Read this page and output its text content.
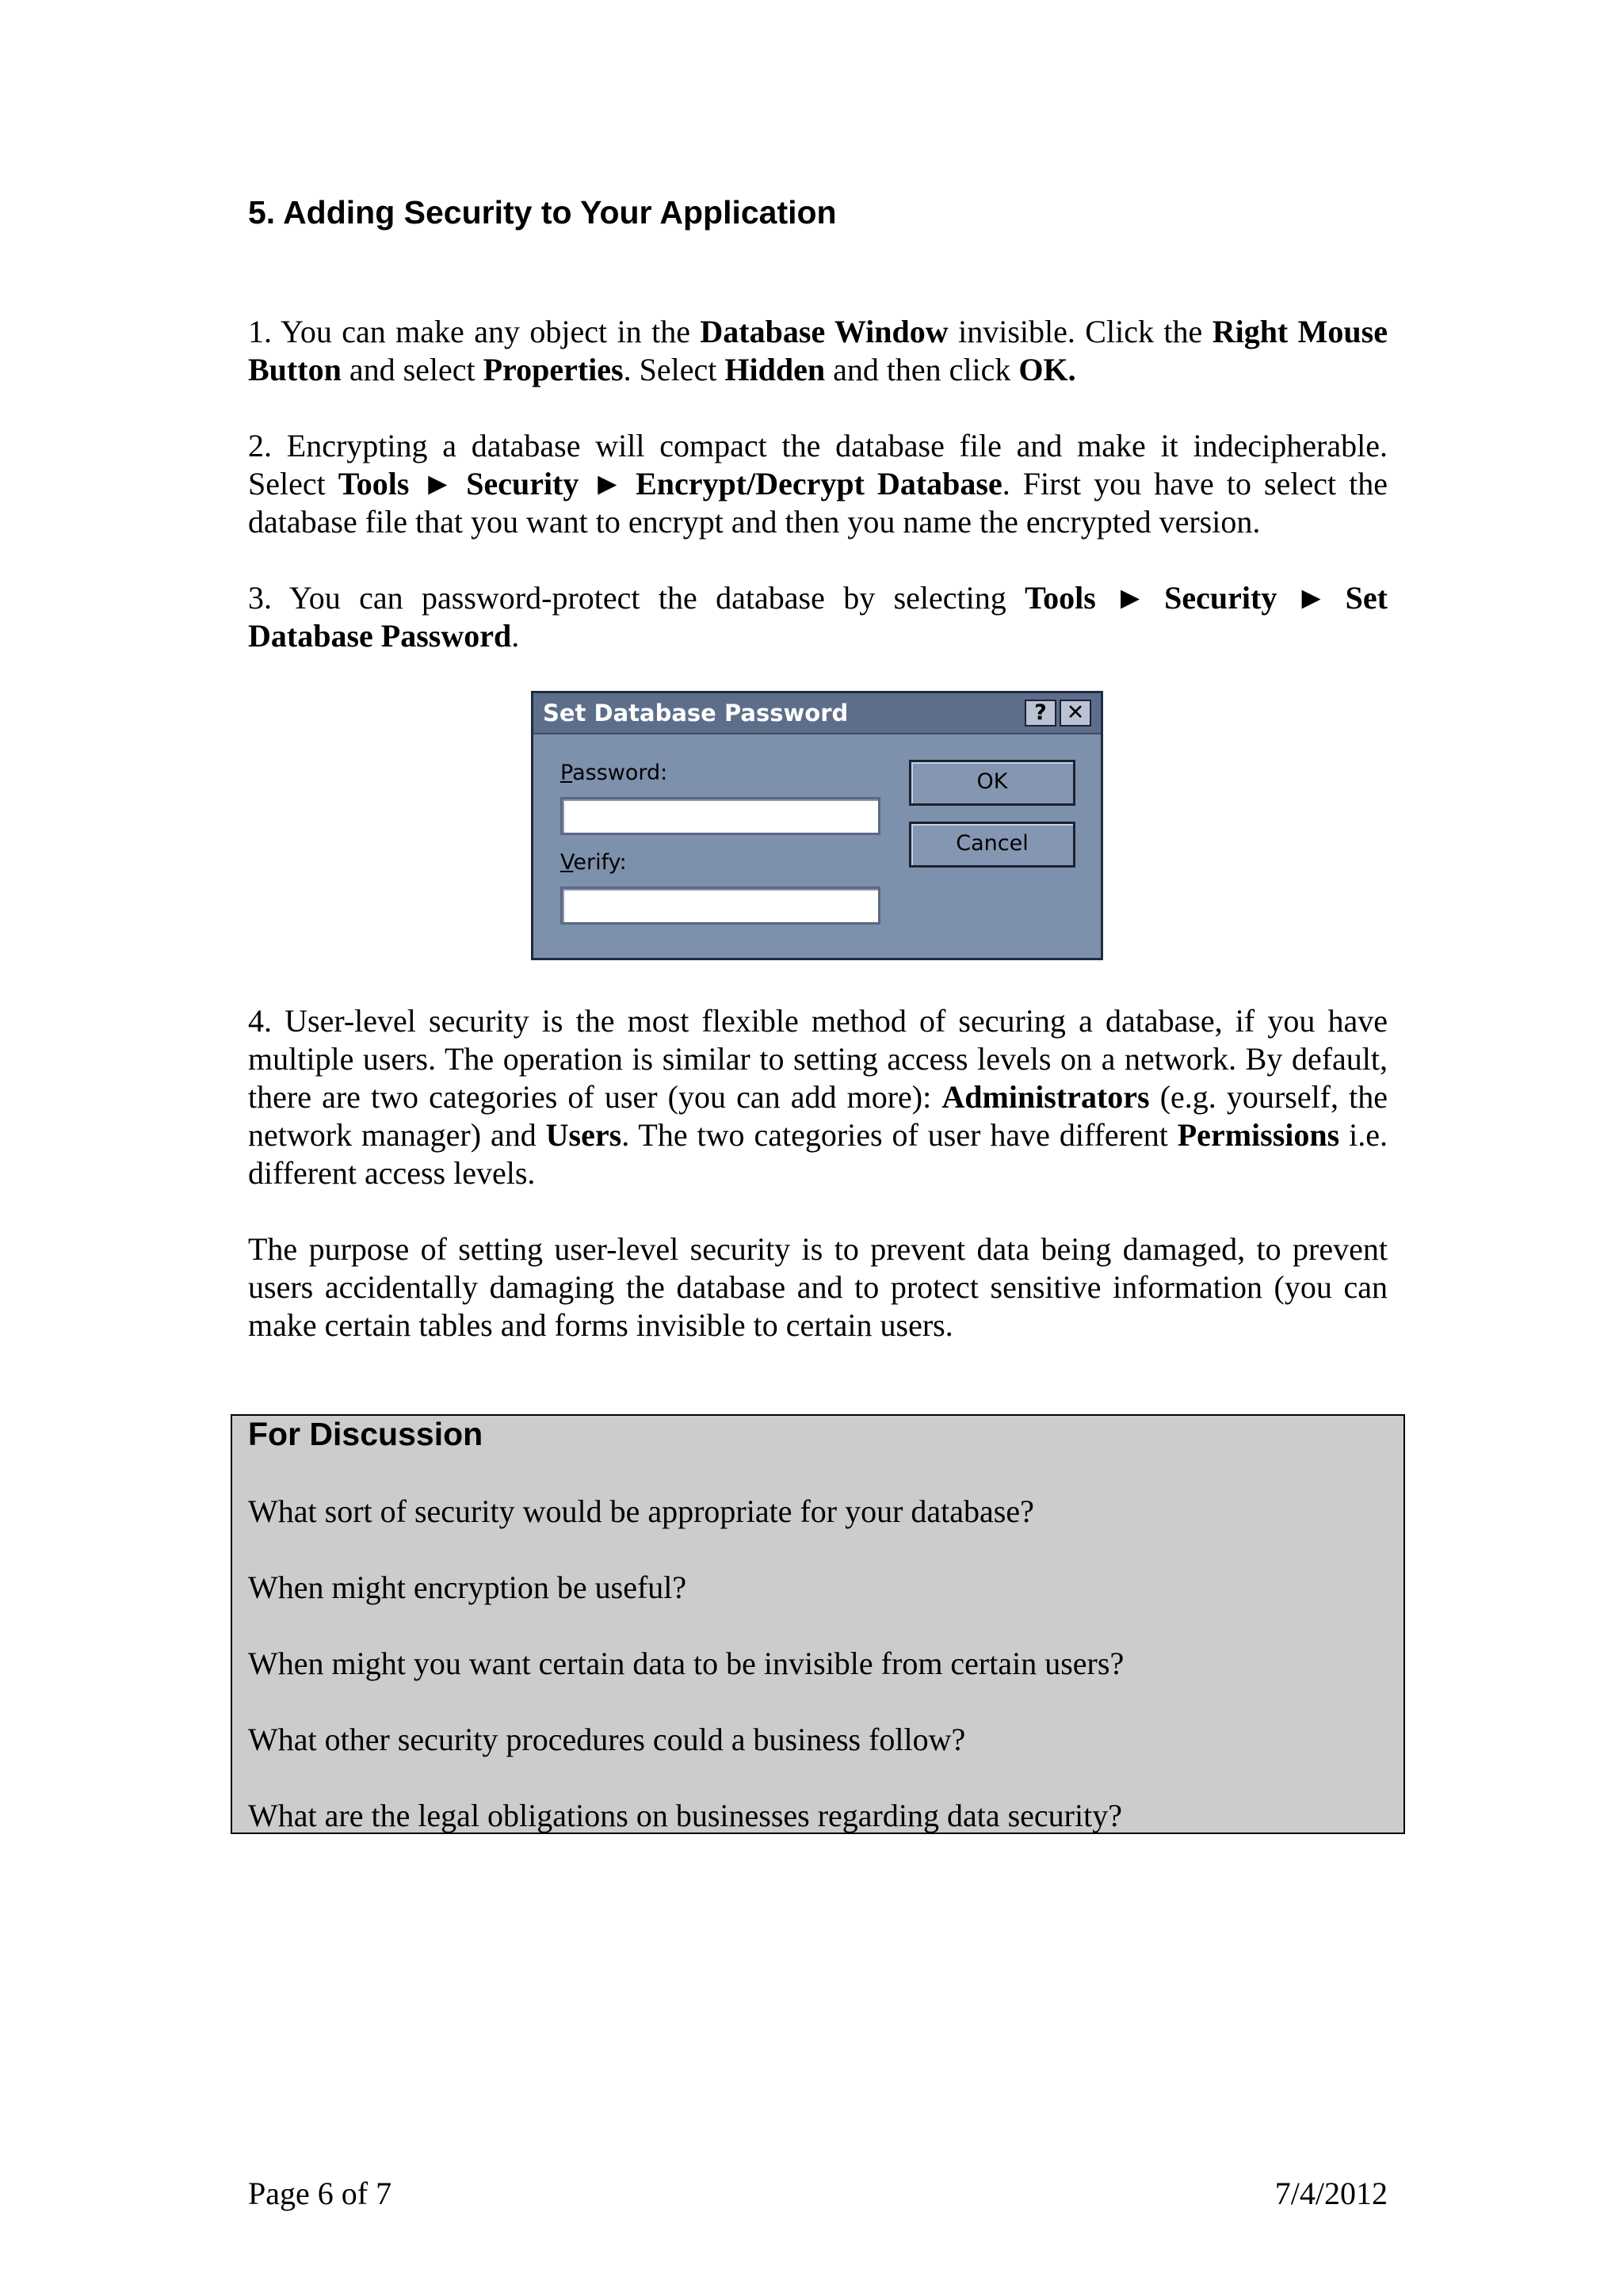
5. Adding Security to Your Application

1. You can make any object in the Database Window invisible. Click the Right Mouse Button and select Properties. Select Hidden and then click OK.

2. Encrypting a database will compact the database file and make it indecipherable. Select Tools ► Security ► Encrypt/Decrypt Database. First you have to select the database file that you want to encrypt and then you name the encrypted version.

3. You can password-protect the database by selecting Tools ► Security ► Set Database Password.

Set Database Password	? ✕
Password:
Verify:
OK
Cancel

4. User-level security is the most flexible method of securing a database, if you have multiple users. The operation is similar to setting access levels on a network. By default, there are two categories of user (you can add more): Administrators (e.g. yourself, the network manager) and Users. The two categories of user have different Permissions i.e. different access levels.

The purpose of setting user-level security is to prevent data being damaged, to prevent users accidentally damaging the database and to protect sensitive information (you can make certain tables and forms invisible to certain users.

For Discussion
What sort of security would be appropriate for your database?
When might encryption be useful?
When might you want certain data to be invisible from certain users?
What other security procedures could a business follow?
What are the legal obligations on businesses regarding data security?
Page 6 of 7	7/4/2012
